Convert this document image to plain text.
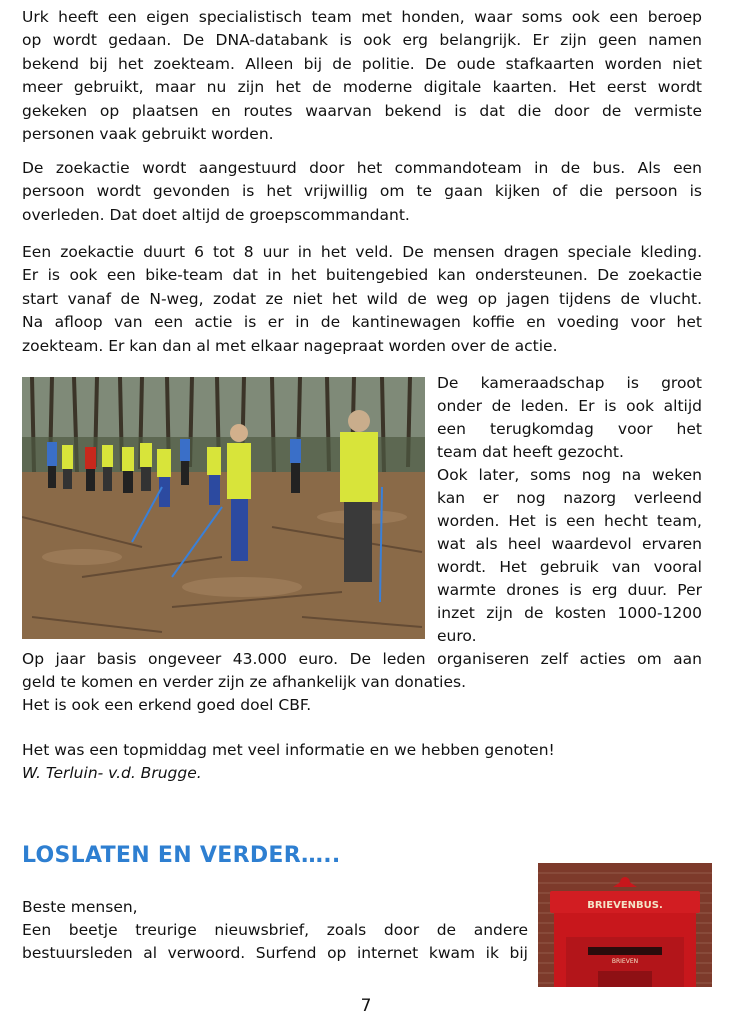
Urk heeft een eigen specialistisch team met honden, waar soms ook een beroep
op wordt gedaan. De DNA-databank is ook erg belangrijk. Er zijn geen namen
bekend bij het zoekteam. Alleen bij de politie. De oude stafkaarten worden niet
meer gebruikt, maar nu zijn het de moderne digitale kaarten. Het eerst wordt
gekeken op plaatsen en routes waarvan bekend is dat die door de vermiste
personen vaak gebruikt worden.
De zoekactie wordt aangestuurd door het commandoteam in de bus. Als een
persoon wordt gevonden is het vrijwillig om te gaan kijken of die persoon is
overleden. Dat doet altijd de groepscommandant.
Een zoekactie duurt 6 tot 8 uur in het veld. De mensen dragen speciale kleding.
Er is ook een bike-team dat in het buitengebied kan ondersteunen. De zoekactie
start vanaf de N-weg, zodat ze niet het wild de weg op jagen tijdens de vlucht.
Na afloop van een actie is er in de kantinewagen koffie en voeding voor het
zoekteam. Er kan dan al met elkaar nagepraat worden over de actie.
De kameraadschap is groot
onder de leden. Er is ook altijd
een terugkomdag voor het
team dat heeft gezocht.
Ook later, soms nog na weken
kan er nog nazorg verleend
worden. Het is een hecht team,
wat als heel waardevol ervaren
wordt. Het gebruik van vooral
warmte drones is erg duur. Per
inzet zijn de kosten 1000-1200
euro.
Op jaar basis ongeveer 43.000 euro. De leden organiseren zelf acties om aan
geld te komen en verder zijn ze afhankelijk van donaties.
Het is ook een erkend goed doel CBF.
Het was een topmiddag met veel informatie en we hebben genoten!
W. Terluin- v.d. Brugge.
LOSLATEN EN VERDER…..
Beste mensen,
Een beetje treurige nieuwsbrief, zoals door de andere
bestuursleden al verwoord. Surfend op internet kwam ik bij
BRIEVENBUS.
BRIEVEN
7
